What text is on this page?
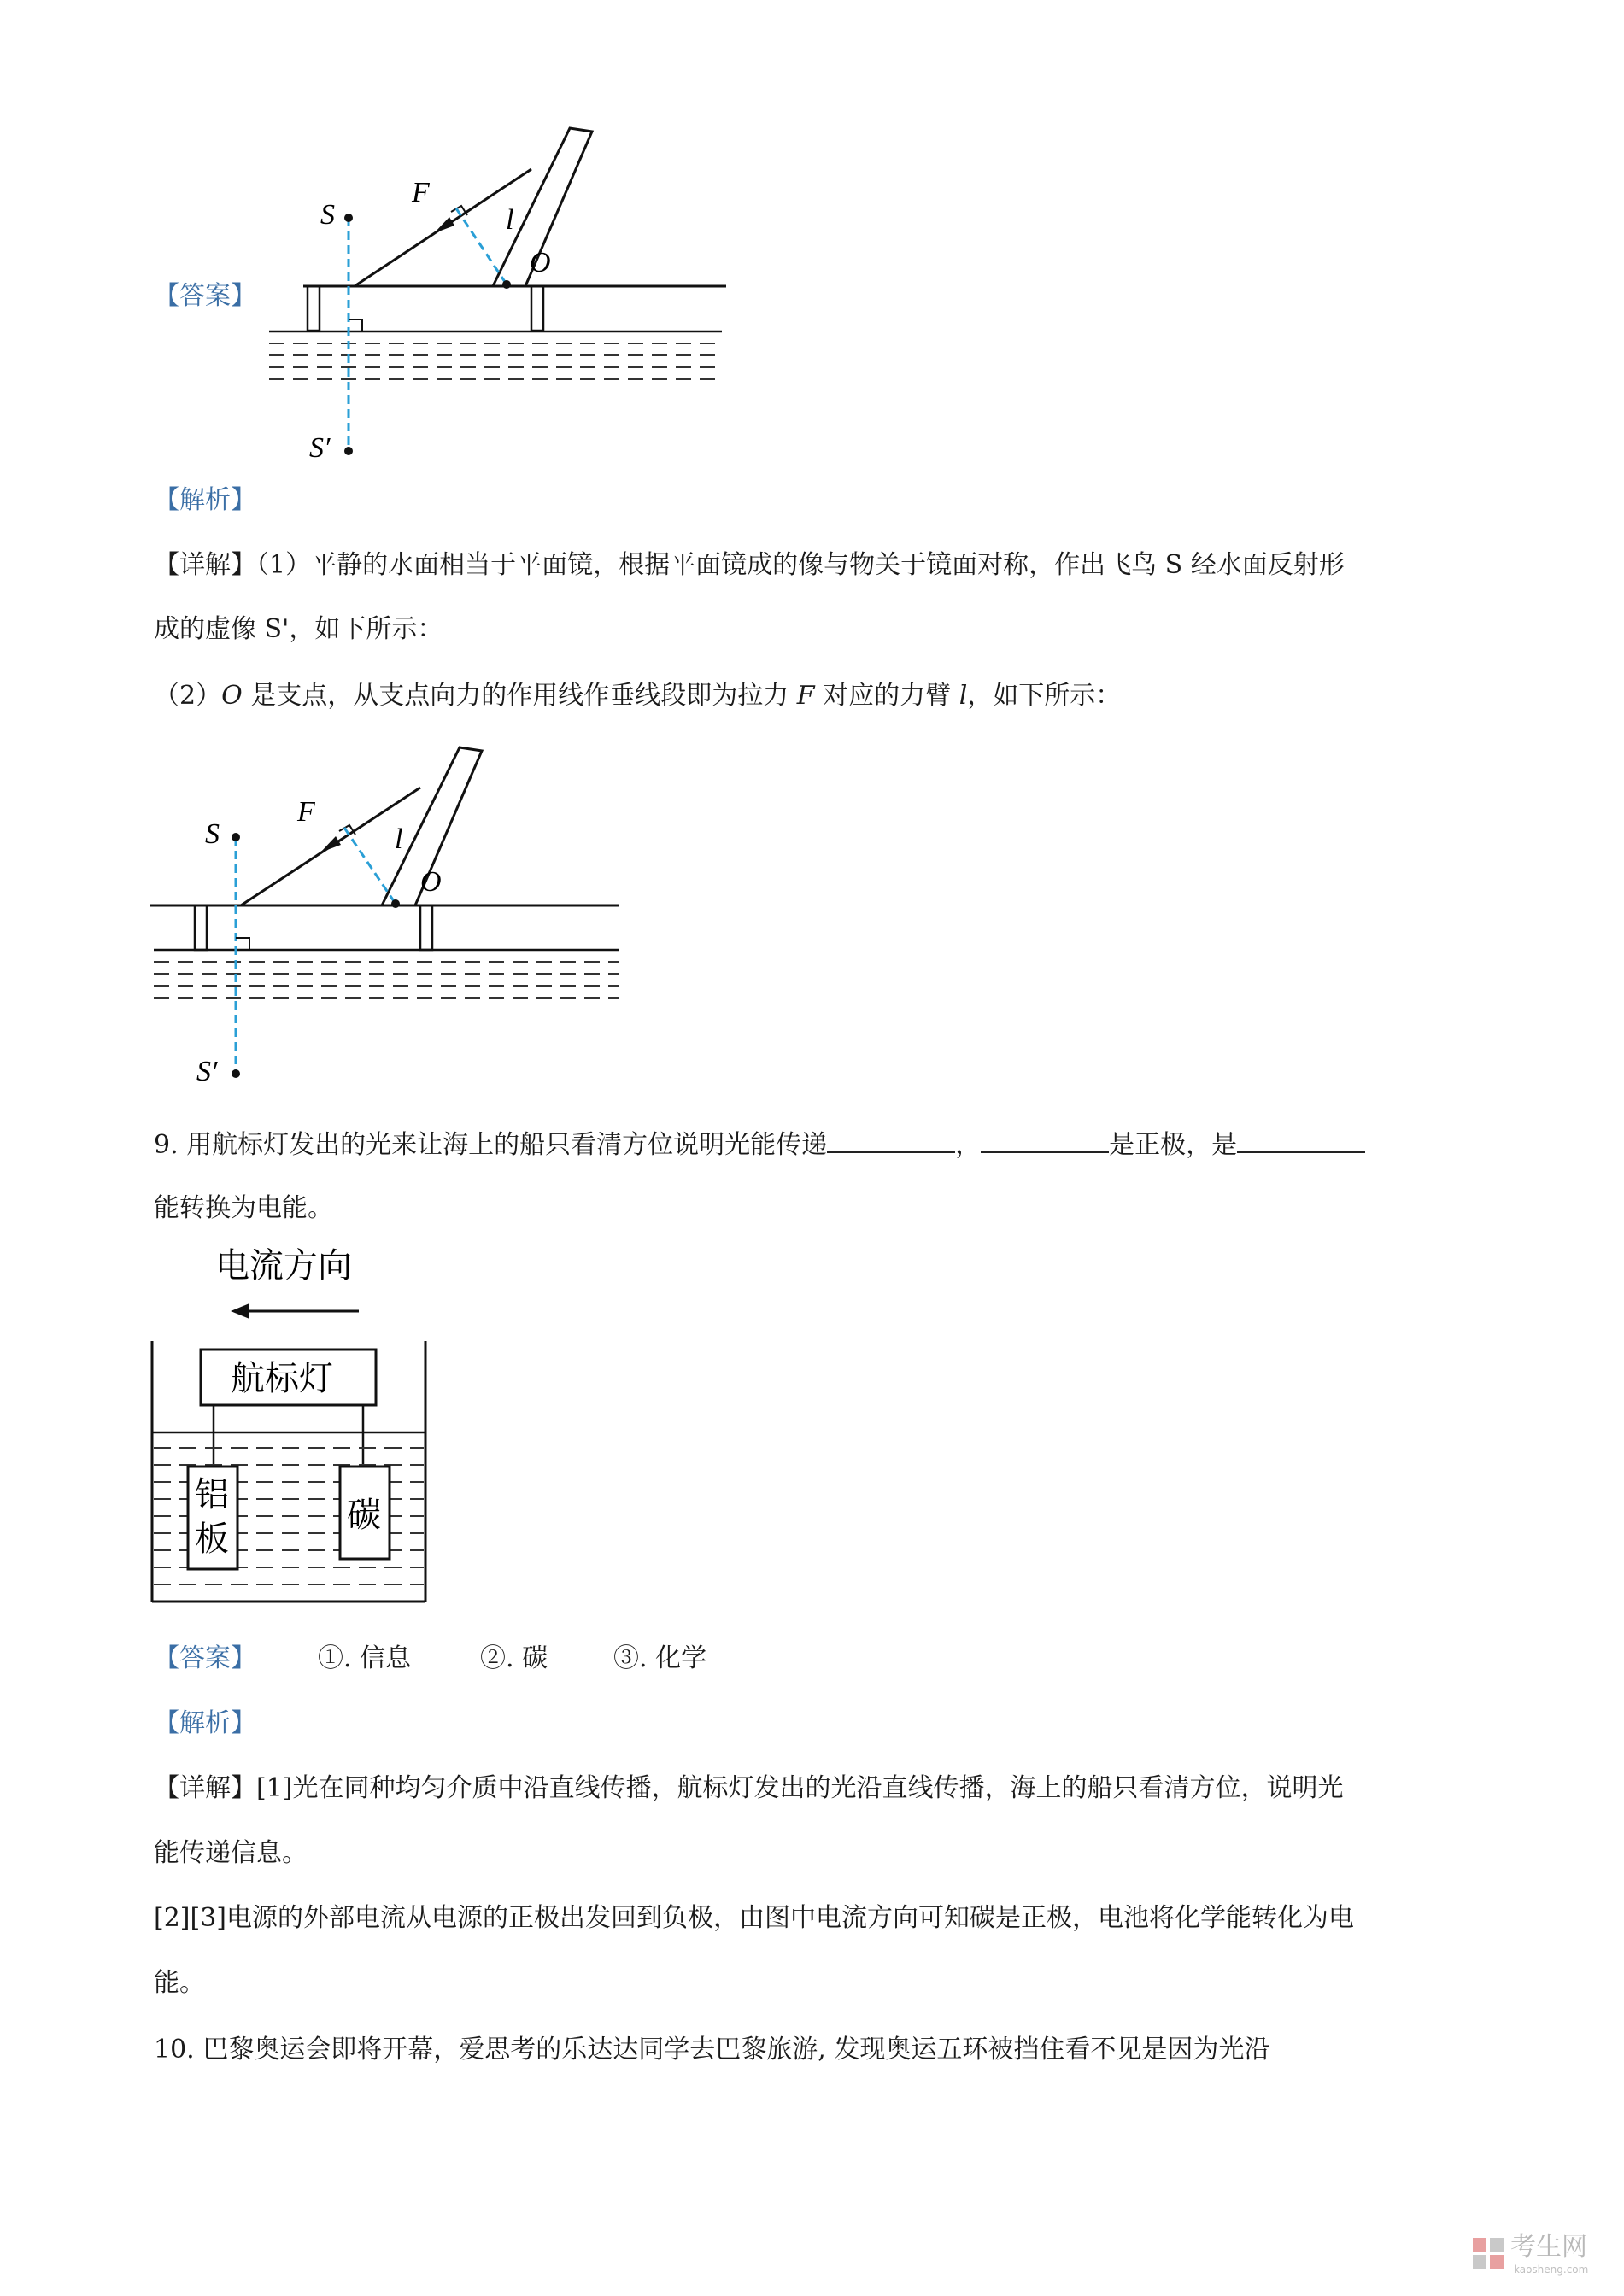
【答案】
S
S′
F
l
O
【解析】
【详解】（1）平静的水面相当于平面镜，根据平面镜成的像与物关于镜面对称，作出飞鸟 S 经水面反射形
成的虚像 S'，如下所示：
（2）O 是支点，从支点向力的作用线作垂线段即为拉力 F 对应的力臂 l，如下所示：
S
S′
F
l
O
9. 用航标灯发出的光来让海上的船只看清方位说明光能传递	，	是正极，是
能转换为电能。
电流方向
航标灯
铝
板
碳
【答案】 ①. 信息	②. 碳	③. 化学
【解析】
【详解】[1]光在同种均匀介质中沿直线传播，航标灯发出的光沿直线传播，海上的船只看清方位，说明光
能传递信息。
[2][3]电源的外部电流从电源的正极出发回到负极，由图中电流方向可知碳是正极，电池将化学能转化为电
能。
10. 巴黎奥运会即将开幕，爱思考的乐达达同学去巴黎旅游, 发现奥运五环被挡住看不见是因为光沿
考生网
kaosheng.com
